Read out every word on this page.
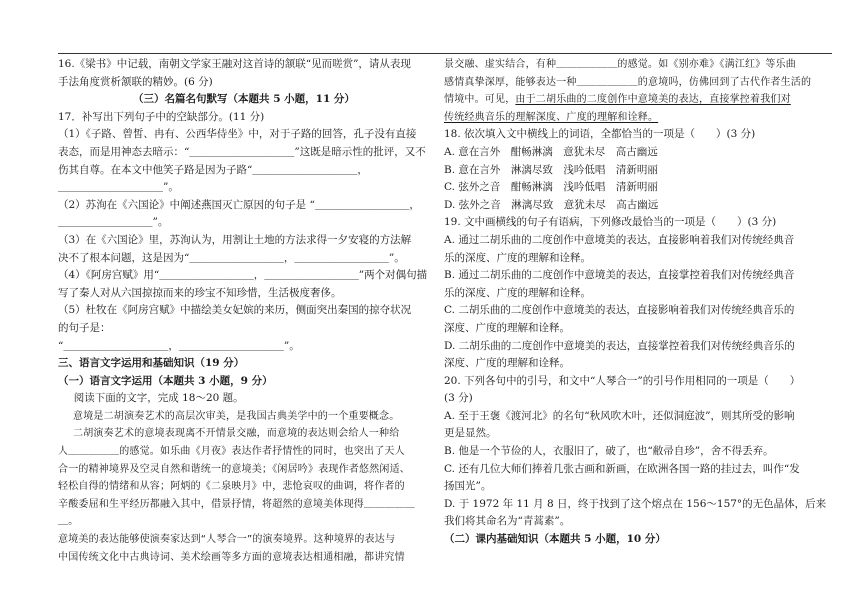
16.《梁书》中记载，南朝文学家王融对这首诗的颔联“见而嗟赏”，请从表现

手法角度赏析颔联的精妙。(6 分)

（三）名篇名句默写（本题共 5 小题，11 分）

17．补写出下列句子中的空缺部分。(11 分)

（1）《子路、曾皙、冉有、公西华侍坐》中，对于子路的回答，孔子没有直接

表态，而是用神态去暗示：“＿＿＿＿＿＿＿＿＿＿”这既是暗示性的批评，又不

伤其自尊。在本文中他笑子路是因为子路“＿＿＿＿＿＿＿＿＿＿，

＿＿＿＿＿＿＿＿＿＿”。

（2）苏洵在《六国论》中阐述燕国灭亡原因的句子是 “＿＿＿＿＿＿＿＿＿，

＿＿＿＿＿＿＿＿＿”。

（3）在《六国论》里，苏洵认为，用割让土地的方法求得一夕安寝的方法解

决不了根本问题，这是因为“＿＿＿＿＿＿＿＿＿，＿＿＿＿＿＿＿＿＿”。

（4）《阿房宫赋》用“＿＿＿＿＿＿＿＿＿，＿＿＿＿＿＿＿＿＿”两个对偶句描

写了秦人对从六国掠掠而来的珍宝不知珍惜，生活极度奢侈。

（5）杜牧在《阿房宫赋》中描绘美女妃嫔的来历，侧面突出秦国的掠夺状况

的句子是：

“＿＿＿＿＿＿＿＿＿＿，＿＿＿＿＿＿＿＿＿＿”。

三、语言文字运用和基础知识（19 分）

（一）语言文字运用（本题共 3 小题，9 分）

阅读下面的文字，完成 18～20 题。

意境是二胡演奏艺术的高层次审美，是我国古典美学中的一个重要概念。

二胡演奏艺术的意境表现离不开情景交融，而意境的表达则会给人一种给

人＿＿＿＿＿的感觉。如乐曲《月夜》表达作者抒情性的同时，也突出了天人

合一的精神境界及空灵自然和谐统一的意境美；《闲居吟》表现作者悠然闲适、

轻松自得的情绪和从容；阿炳的《二泉映月》中，悲怆哀叹的曲调，将作者的

辛酸委屈和生平经历都融入其中，借景抒情，将超然的意境美体现得＿＿＿＿＿＿。

意境美的表达能够使演奏家达到“人琴合一”的演奏境界。这种境界的表达与

中国传统文化中古典诗词、美术绘画等多方面的意境表达相通相融，都讲究情

景交融、虚实结合，有种＿＿＿＿＿＿的感觉。如《别亦难》《满江红》等乐曲

感情真挚深厚，能够表达一种＿＿＿＿＿＿的意境吗，仿佛回到了古代作者生活的

情境中。可见，由于二胡乐曲的二度创作中意境美的表达，直接掌控着我们对

传统经典音乐的理解深度、广度的理解和诠释。

18. 依次填入文中横线上的词语，全都恰当的一项是（　　）(3 分)

A. 意在言外　酣畅淋漓　意犹未尽　高古幽远

B. 意在言外　淋漓尽致　浅吟低唱　清新明丽

C. 弦外之音　酣畅淋漓　浅吟低唱　清新明丽

D. 弦外之音　淋漓尽致　意犹未尽　高古幽远

19. 文中画横线的句子有语病，下列修改最恰当的一项是（　　）(3 分)

A. 通过二胡乐曲的二度创作中意境美的表达，直接影响着我们对传统经典音

乐的深度、广度的理解和诠释。

B. 通过二胡乐曲的二度创作中意境美的表达，直接掌控着我们对传统经典音

乐的深度、广度的理解和诠释。

C. 二胡乐曲的二度创作中意境美的表达，直接影响着我们对传统经典音乐的

深度、广度的理解和诠释。

D. 二胡乐曲的二度创作中意境美的表达，直接掌控着我们对传统经典音乐的

深度、广度的理解和诠释。

20. 下列各句中的引号，和文中“人琴合一”的引号作用相同的一项是（　　）

(3 分)

A. 至于王褒《渡河北》的名句“秋风吹木叶，还似洞庭波”，则其所受的影响

更是显然。

B. 他是一个节俭的人，衣服旧了，破了，也“敝帚自珍”，舍不得丢弃。

C. 还有几位大师们捧着几张古画和新画，在欧洲各国一路的挂过去，叫作“发

扬国光”。

D. 于 1972 年 11 月 8 日，终于找到了这个熔点在 156～157°的无色晶体，后来

我们将其命名为“青蒿素”。

（二）课内基础知识（本题共 5 小题，10 分）
